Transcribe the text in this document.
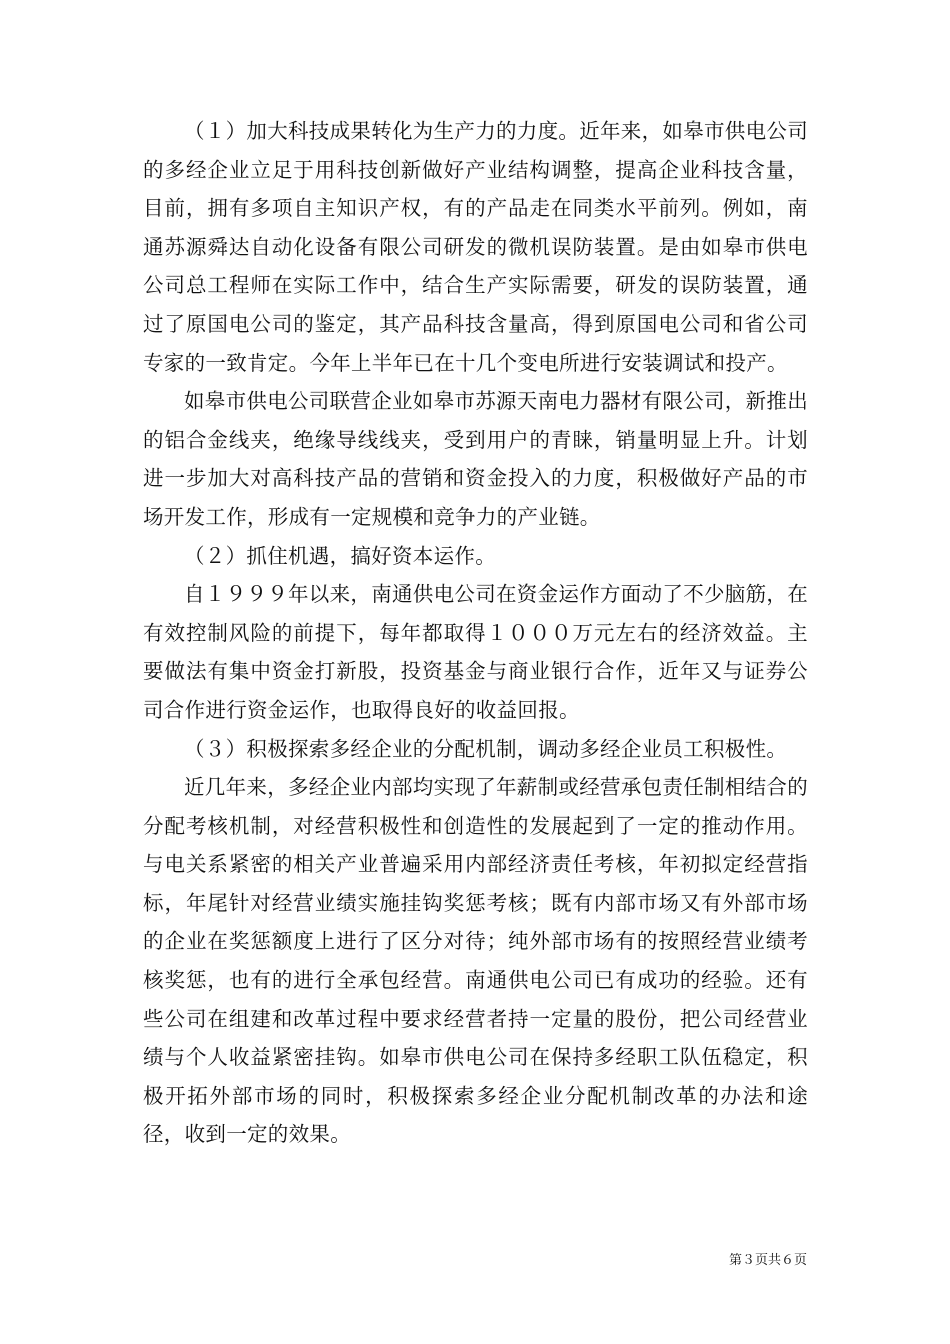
（１）加大科技成果转化为生产力的力度。近年来，如皋市供电公司的多经企业立足于用科技创新做好产业结构调整，提高企业科技含量，目前，拥有多项自主知识产权，有的产品走在同类水平前列。例如，南通苏源舜达自动化设备有限公司研发的微机误防装置。是由如皋市供电公司总工程师在实际工作中，结合生产实际需要，研发的误防装置，通过了原国电公司的鉴定，其产品科技含量高，得到原国电公司和省公司专家的一致肯定。今年上半年已在十几个变电所进行安装调试和投产。

如皋市供电公司联营企业如皋市苏源天南电力器材有限公司，新推出的铝合金线夹，绝缘导线线夹，受到用户的青睐，销量明显上升。计划进一步加大对高科技产品的营销和资金投入的力度，积极做好产品的市场开发工作，形成有一定规模和竞争力的产业链。

（２）抓住机遇，搞好资本运作。

自１９９９年以来，南通供电公司在资金运作方面动了不少脑筋，在有效控制风险的前提下，每年都取得１０００万元左右的经济效益。主要做法有集中资金打新股，投资基金与商业银行合作，近年又与证券公司合作进行资金运作，也取得良好的收益回报。

（３）积极探索多经企业的分配机制，调动多经企业员工积极性。

近几年来，多经企业内部均实现了年薪制或经营承包责任制相结合的分配考核机制，对经营积极性和创造性的发展起到了一定的推动作用。与电关系紧密的相关产业普遍采用内部经济责任考核，年初拟定经营指标，年尾针对经营业绩实施挂钩奖惩考核；既有内部市场又有外部市场的企业在奖惩额度上进行了区分对待；纯外部市场有的按照经营业绩考核奖惩，也有的进行全承包经营。南通供电公司已有成功的经验。还有些公司在组建和改革过程中要求经营者持一定量的股份，把公司经营业绩与个人收益紧密挂钩。如皋市供电公司在保持多经职工队伍稳定，积极开拓外部市场的同时，积极探索多经企业分配机制改革的办法和途径，收到一定的效果。

第３页共６页
